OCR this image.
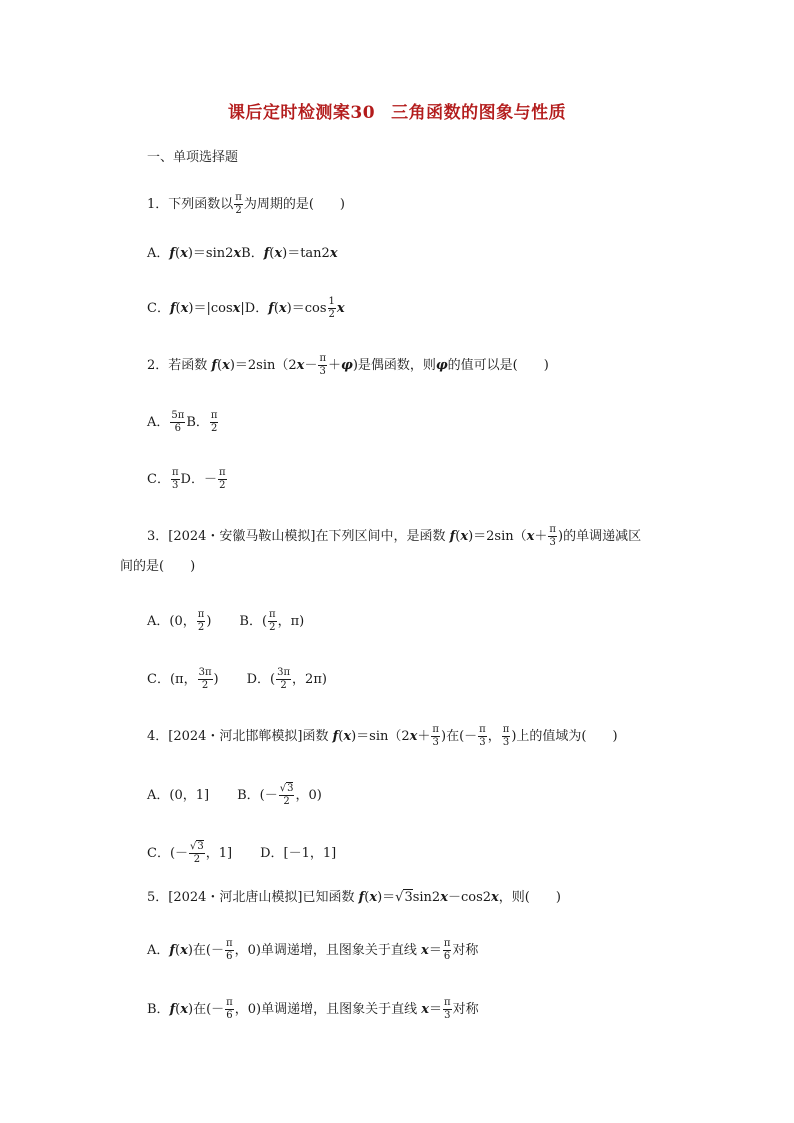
课后定时检测案30 三角函数的图象与性质
一、单项选择题
1．下列函数以 $\frac{\pi}{2}$ 为周期的是(　　)
A．f(x)＝sin2xB．f(x)＝tan2x
C．f(x)＝|cosx|D．$f(x)=\cos \frac{1}{2}$ x
2．若函数 $f(x)=2\sin(2x- \frac{\pi}{3} +\varphi)$是偶函数，则φ的值可以是(　　)
A． $\frac{5\pi}{6}$ B． $\frac{\pi}{2}$
C． $\frac{\pi}{3}$ D．－ $\frac{\pi}{2}$
3．[2024・安徽马鞍山模拟]在下列区间中，是函数 $f(x)=2\sin(x+ \frac{\pi}{3}$ )的单调递减区
间的是(　　)
A．(0， $\frac{\pi}{2}$ ) B．( $\frac{\pi}{2}$ ，π)
C．(π， $\frac{3\pi}{2}$ ) D．( $\frac{3\pi}{2}$ ，2π)
4．[2024・河北邯郸模拟]函数 $f(x)=\sin(2x+ \frac{\pi}{3}$ )在(－ $\frac{\pi}{3}$ ， $\frac{\pi}{3}$ )上的值域为(　　)
A．(0，1] B．(－ $\frac{√3}{2}$ ，0)
C．(－ $\frac{√3}{2}$ ，1] D．[－1，1]
5．[2024・河北唐山模拟]已知函数 f(x)＝√3sin2x－cos2x，则(　　)
A．f(x)在(－ $\frac{\pi}{6}$ ，0)单调递增，且图象关于直线 $x= \frac{\pi}{6}$ 对称
B．f(x)在(－ $\frac{\pi}{6}$ ，0)单调递增，且图象关于直线 $x= \frac{\pi}{3}$ 对称
